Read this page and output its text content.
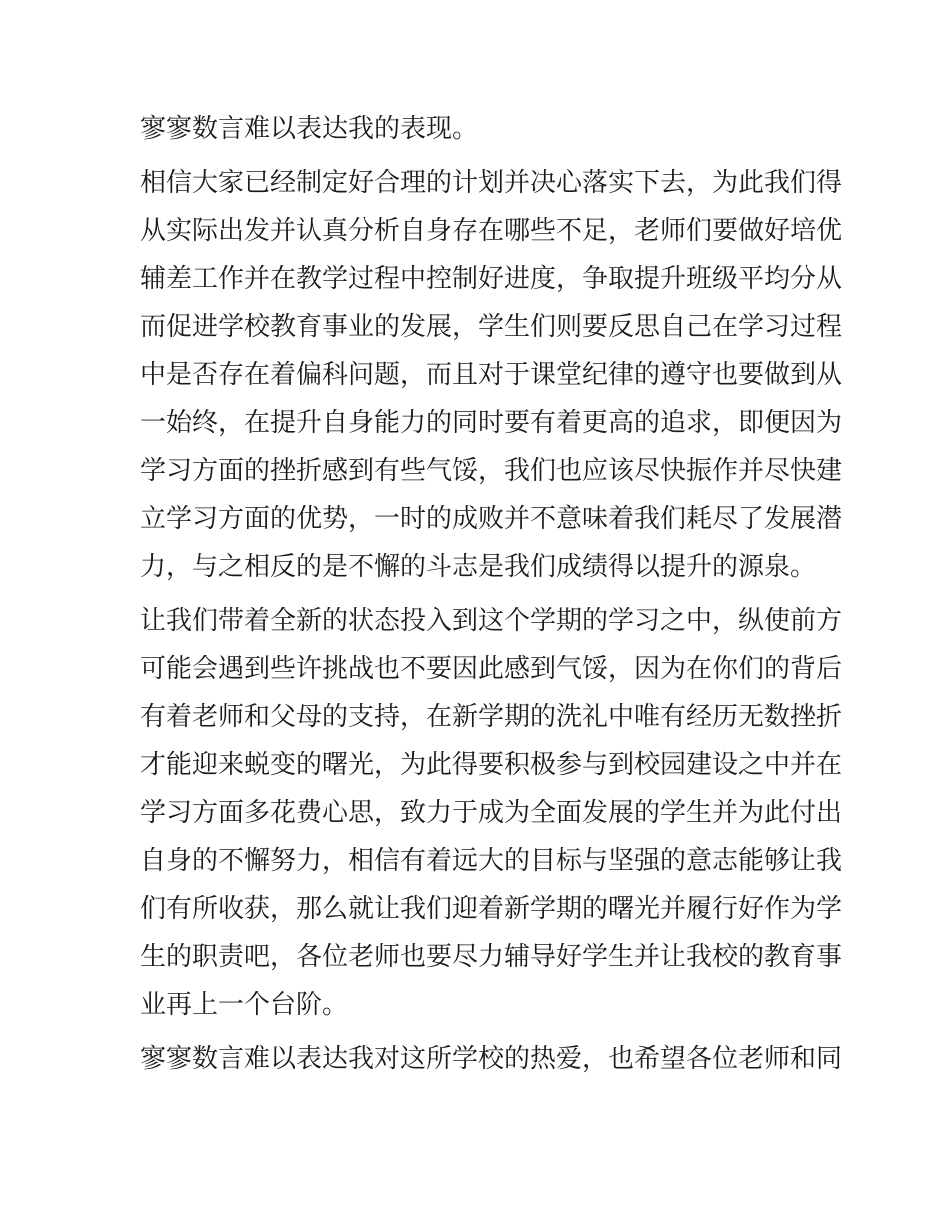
寥寥数言难以表达我的表现。
相信大家已经制定好合理的计划并决心落实下去，为此我们得
从实际出发并认真分析自身存在哪些不足，老师们要做好培优
辅差工作并在教学过程中控制好进度，争取提升班级平均分从
而促进学校教育事业的发展，学生们则要反思自己在学习过程
中是否存在着偏科问题，而且对于课堂纪律的遵守也要做到从
一始终，在提升自身能力的同时要有着更高的追求，即便因为
学习方面的挫折感到有些气馁，我们也应该尽快振作并尽快建
立学习方面的优势，一时的成败并不意味着我们耗尽了发展潜
力，与之相反的是不懈的斗志是我们成绩得以提升的源泉。
让我们带着全新的状态投入到这个学期的学习之中，纵使前方
可能会遇到些许挑战也不要因此感到气馁，因为在你们的背后
有着老师和父母的支持，在新学期的洗礼中唯有经历无数挫折
才能迎来蜕变的曙光，为此得要积极参与到校园建设之中并在
学习方面多花费心思，致力于成为全面发展的学生并为此付出
自身的不懈努力，相信有着远大的目标与坚强的意志能够让我
们有所收获，那么就让我们迎着新学期的曙光并履行好作为学
生的职责吧，各位老师也要尽力辅导好学生并让我校的教育事
业再上一个台阶。
寥寥数言难以表达我对这所学校的热爱，也希望各位老师和同
